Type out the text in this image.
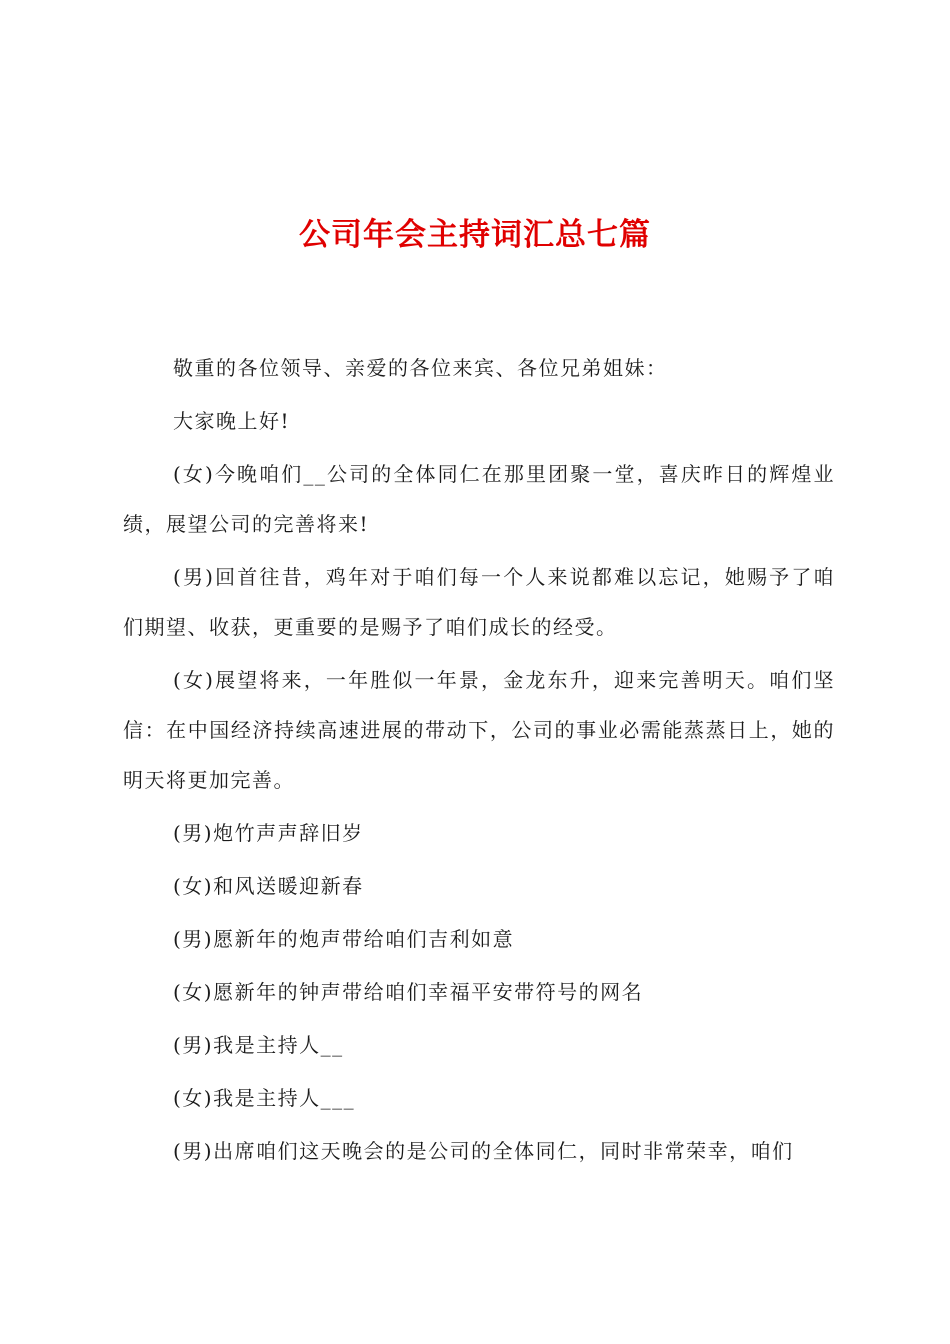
公司年会主持词汇总七篇

敬重的各位领导、亲爱的各位来宾、各位兄弟姐妹：

大家晚上好!

(女)今晚咱们__公司的全体同仁在那里团聚一堂，喜庆昨日的辉煌业绩，展望公司的完善将来!

(男)回首往昔，鸡年对于咱们每一个人来说都难以忘记，她赐予了咱们期望、收获，更重要的是赐予了咱们成长的经受。

(女)展望将来，一年胜似一年景，金龙东升，迎来完善明天。咱们坚信：在中国经济持续高速进展的带动下，公司的事业必需能蒸蒸日上，她的明天将更加完善。

(男)炮竹声声辞旧岁

(女)和风送暖迎新春

(男)愿新年的炮声带给咱们吉利如意

(女)愿新年的钟声带给咱们幸福平安带符号的网名

(男)我是主持人__

(女)我是主持人___

(男)出席咱们这天晚会的是公司的全体同仁，同时非常荣幸，咱们
